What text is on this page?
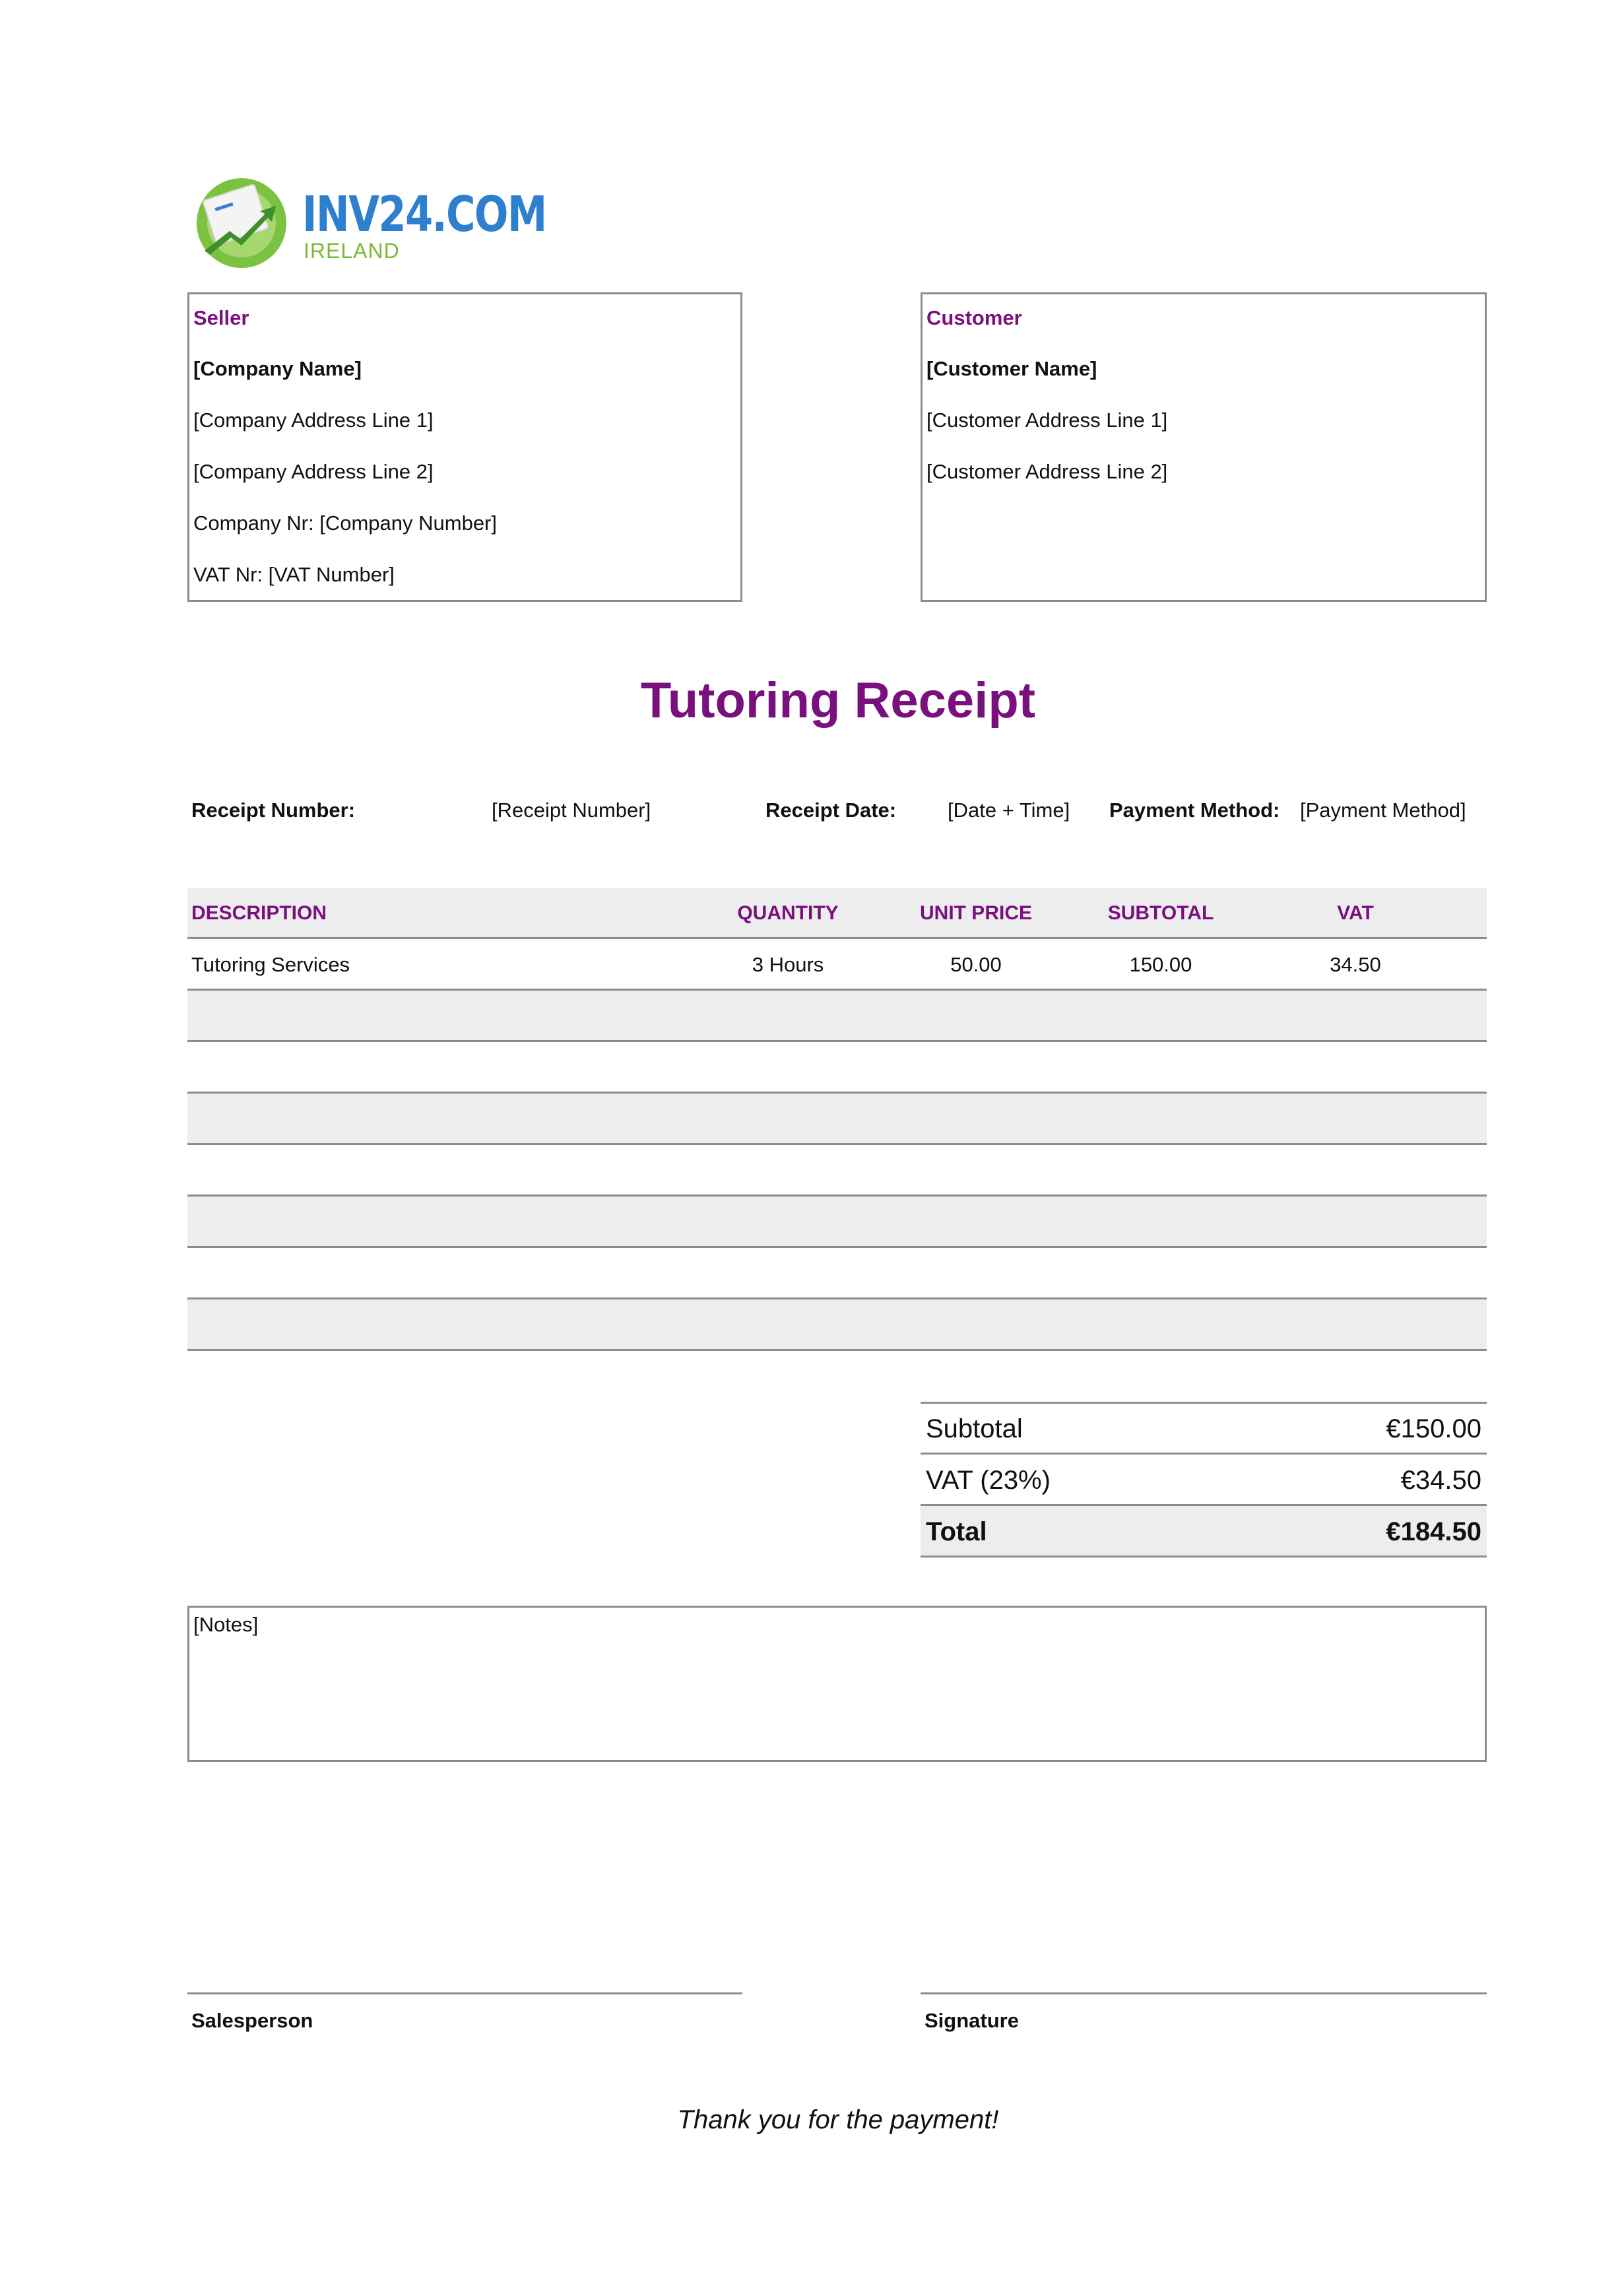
INV24.COM
IRELAND
Seller
[Company Name]
[Company Address Line 1]
[Company Address Line 2]
Company Nr: [Company Number]
VAT Nr: [VAT Number]
Customer
[Customer Name]
[Customer Address Line 1]
[Customer Address Line 2]
Tutoring Receipt
Receipt Number:	[Receipt Number]	Receipt Date:	[Date + Time] Payment Method: [Payment Method]
DESCRIPTION	QUANTITY	UNIT PRICE	SUBTOTAL	VAT
Tutoring Services	3 Hours	50.00	150.00	34.50
Subtotal	€150.00
VAT (23%)	€34.50
Total	€184.50
[Notes]
Salesperson	Signature
Thank you for the payment!
